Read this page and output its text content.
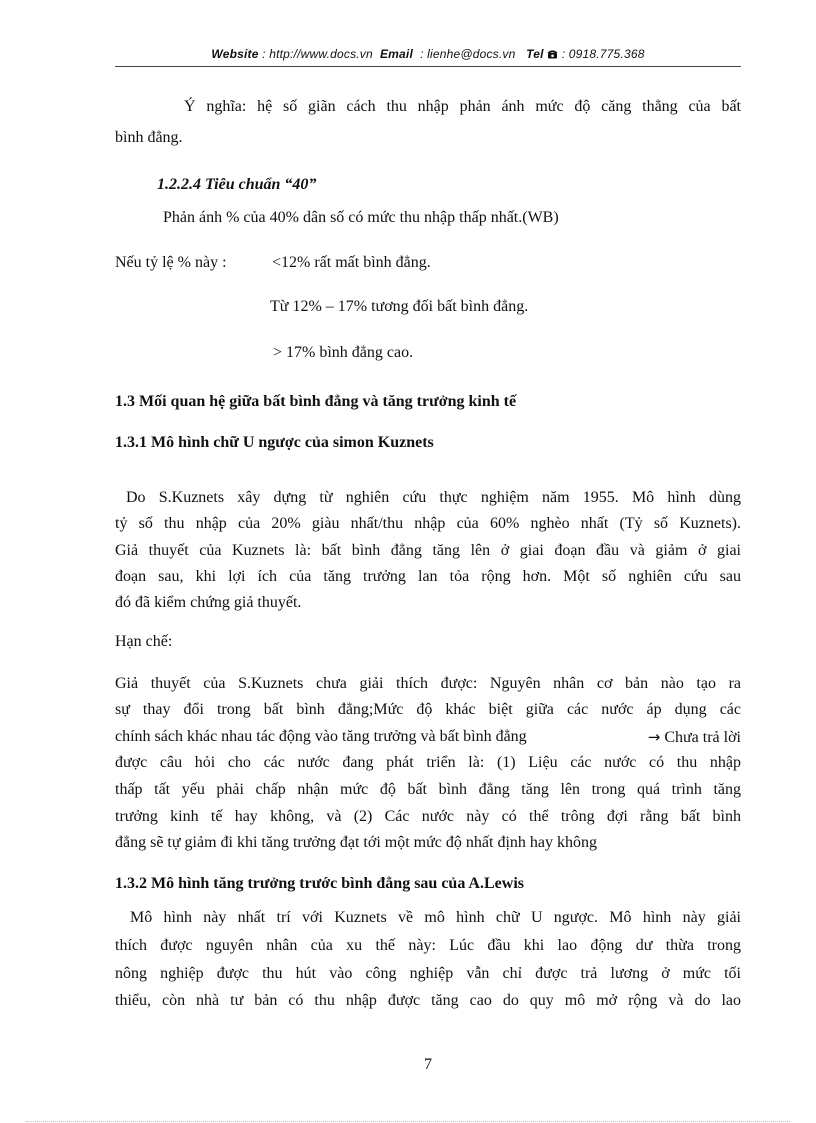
Website : http://www.docs.vn Email : lienhe@docs.vn Tel : 0918.775.368
Ý nghĩa: hệ số giãn cách thu nhập phản ánh mức độ căng thẳng của bất
bình đẳng.
1.2.2.4 Tiêu chuẩn “40”
Phản ánh % của 40% dân số có mức thu nhập thấp nhất.(WB)
Nếu tỷ lệ % này :	<12% rất mất bình đẳng.
Từ 12% – 17% tương đối bất bình đẳng.
> 17% bình đẳng cao.
1.3 Mối quan hệ giữa bất bình đẳng và tăng trưởng kinh tế
1.3.1 Mô hình chữ U ngược của simon Kuznets
Do S.Kuznets xây dựng từ nghiên cứu thực nghiệm năm 1955. Mô hình dùng
tỷ số thu nhập của 20% giàu nhất/thu nhập của 60% nghèo nhất (Tỷ số Kuznets).
Giả thuyết của Kuznets là: bất bình đẳng tăng lên ở giai đoạn đầu và giảm ở giai
đoạn sau, khi lợi ích của tăng trưởng lan tỏa rộng hơn. Một số nghiên cứu sau
đó đã kiểm chứng giả thuyết.
Hạn chế:
Giả thuyết của S.Kuznets chưa giải thích được: Nguyên nhân cơ bản nào tạo ra
sự thay đổi trong bất bình đẳng;Mức độ khác biệt giữa các nước áp dụng các
chính sách khác nhau tác động vào tăng trưởng và bất bình đẳng	→ Chưa trả lời
được câu hỏi cho các nước đang phát triển là: (1) Liệu các nước có thu nhập
thấp tất yếu phải chấp nhận mức độ bất bình đẳng tăng lên trong quá trình tăng
trưởng kinh tế hay không, và (2) Các nước này có thể trông đợi rằng bất bình
đẳng sẽ tự giảm đi khi tăng trưởng đạt tới một mức độ nhất định hay không
1.3.2 Mô hình tăng trưởng trước bình đẳng sau của A.Lewis
Mô hình này nhất trí với Kuznets về mô hình chữ U ngược. Mô hình này giải
thích được nguyên nhân của xu thế này: Lúc đầu khi lao động dư thừa trong
nông nghiệp được thu hút vào công nghiệp vẫn chỉ được trả lương ở mức tối
thiểu, còn nhà tư bản có thu nhập được tăng cao do quy mô mở rộng và do lao
7
